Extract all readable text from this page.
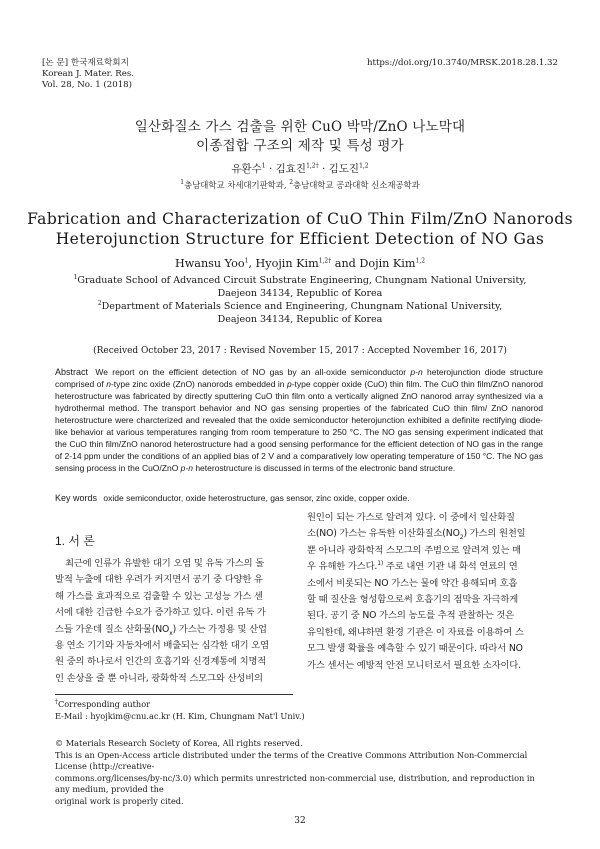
[논 문] 한국재료학회지
Korean J. Mater. Res.
Vol. 28, No. 1 (2018)
https://doi.org/10.3740/MRSK.2018.28.1.32
일산화질소 가스 검출을 위한 CuO 박막/ZnO 나노막대
이종접합 구조의 제작 및 특성 평가
유환수$^1$ · 김효진$^{1,2\dagger}$ · 김도진$^{1,2}$
$^1$충남대학교 차세대기판학과, $^2$충남대학교 공과대학 신소재공학과
Fabrication and Characterization of CuO Thin Film/ZnO Nanorods
Heterojunction Structure for Efficient Detection of NO Gas
Hwansu Yoo$^1$, Hyojin Kim$^{1,2\dagger}$ and Dojin Kim$^{1,2}$
$^1$Graduate School of Advanced Circuit Substrate Engineering, Chungnam National University,
Daejeon 34134, Republic of Korea
$^2$Department of Materials Science and Engineering, Chungnam National University,
Deajeon 34134, Republic of Korea
(Received October 23, 2017 : Revised November 15, 2017 : Accepted November 16, 2017)
Abstract We report on the efficient detection of NO gas by an all-oxide semiconductor p-n heterojunction diode structure comprised of n-type zinc oxide (ZnO) nanorods embedded in p-type copper oxide (CuO) thin film. The CuO thin film/ZnO nanorod heterostructure was fabricated by directly sputtering CuO thin film onto a vertically aligned ZnO nanorod array synthesized via a hydrothermal method. The transport behavior and NO gas sensing properties of the fabricated CuO thin film/ ZnO nanorod heterostructure were charcterized and revealed that the oxide semiconductor heterojunction exhibited a definite rectifying diode-like behavior at various temperatures ranging from room temperature to 250 °C. The NO gas sensing experiment indicated that the CuO thin film/ZnO nanorod heterostructure had a good sensing performance for the efficient detection of NO gas in the range of 2-14 ppm under the conditions of an applied bias of 2 V and a comparatively low operating temperature of 150 °C. The NO gas sensing process in the CuO/ZnO p-n heterostructure is discussed in terms of the electronic band structure.
Key words oxide semiconductor, oxide heterostructure, gas sensor, zinc oxide, copper oxide.
1. 서 론
최근에 인류가 유발한 대기 오염 및 유독 가스의 돌
발적 누출에 대한 우려가 커지면서 공기 중 다양한 유
해 가스를 효과적으로 검출할 수 있는 고성능 가스 센
서에 대한 긴급한 수요가 증가하고 있다. 이런 유독 가
스들 가운데 질소 산화물$(NO_x)$ 가스는 가정용 및 산업
용 연소 기기와 자동차에서 배출되는 심각한 대기 오염
원 중의 하나로서 인간의 호흡기와 신경계통에 치명적
인 손상을 줄 뿐 아니라, 광화학적 스모그와 산성비의
원인이 되는 가스로 알려져 있다. 이 중에서 일산화질
소(NO) 가스는 유독한 이산화질소$(NO_2)$ 가스의 원천일
뿐 아니라 광화학적 스모그의 주범으로 알려져 있는 매
우 유해한 가스다.$^{1)}$ 주로 내연 기관 내 화석 연료의 연
소에서 비롯되는 NO 가스는 물에 약간 용해되며 호흡
할 때 질산을 형성함으로써 호흡기의 점막을 자극하게
된다. 공기 중 NO 가스의 농도를 추적 관찰하는 것은
유익한데, 왜냐하면 환경 기관은 이 자료를 이용하여 스
모그 발생 확률을 예측할 수 있기 때문이다. 따라서 NO
가스 센서는 예방적 안전 모니터로서 필요한 소자이다.
†Corresponding author
E-Mail : hyojkim@cnu.ac.kr (H. Kim, Chungnam Nat'l Univ.)
© Materials Research Society of Korea, All rights reserved.
This is an Open-Access article distributed under the terms of the Creative Commons Attribution Non-Commercial License (http://creative-
commons.org/licenses/by-nc/3.0) which permits unrestricted non-commercial use, distribution, and reproduction in any medium, provided the
original work is properly cited.
32
